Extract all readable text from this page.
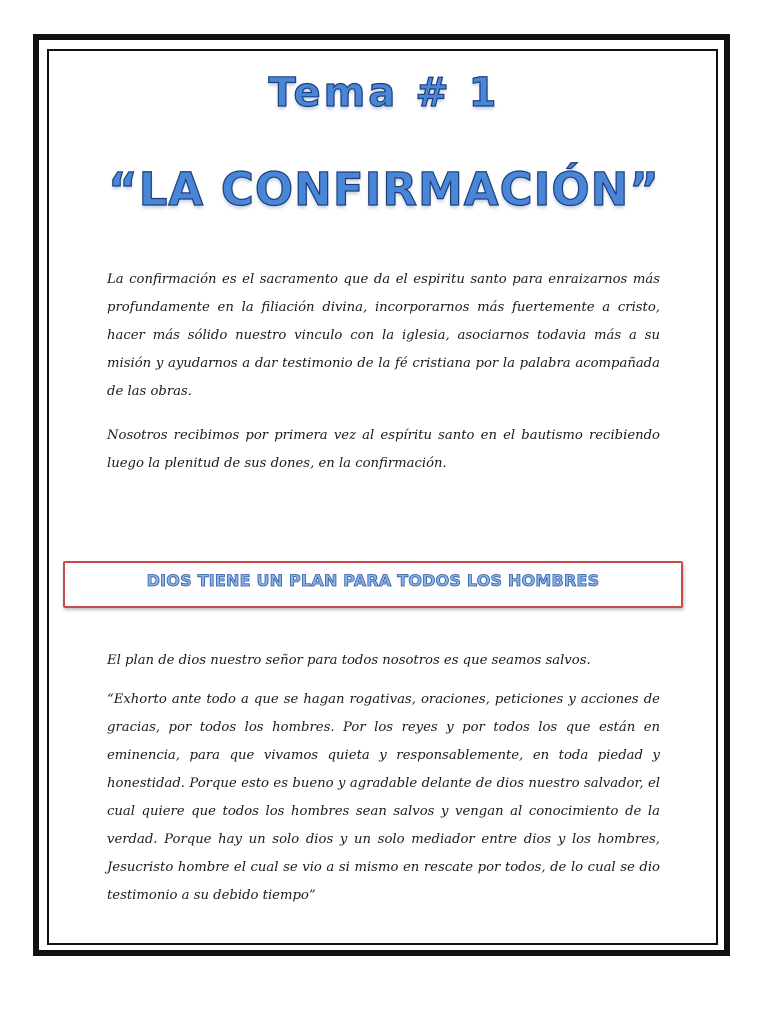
Tema # 1
“LA CONFIRMACIÓN”

La confirmación es el sacramento que da el espiritu santo para enraizarnos más profundamente en la filiación divina, incorporarnos más fuertemente a cristo, hacer más sólido nuestro vinculo con la iglesia, asociarnos todavia más a su misión y ayudarnos a dar testimonio de la fé cristiana por la palabra acompañada de las obras.

Nosotros recibimos por primera vez al espíritu santo en el bautismo recibiendo luego la plenitud de sus dones, en la confirmación.

DIOS TIENE UN PLAN PARA TODOS LOS HOMBRES

El plan de dios nuestro señor para todos nosotros es que seamos salvos.

“Exhorto ante todo a que se hagan rogativas, oraciones, peticiones y acciones de gracias, por todos los hombres. Por los reyes y por todos los que están en eminencia, para que vivamos quieta y responsablemente, en toda piedad y honestidad. Porque esto es bueno y agradable delante de dios nuestro salvador, el cual quiere que todos los hombres sean salvos y vengan al conocimiento de la verdad. Porque hay un solo dios y un solo mediador entre dios y los hombres, Jesucristo hombre el cual se vio a si mismo en rescate por todos, de lo cual se dio testimonio a su debido tiempo”
